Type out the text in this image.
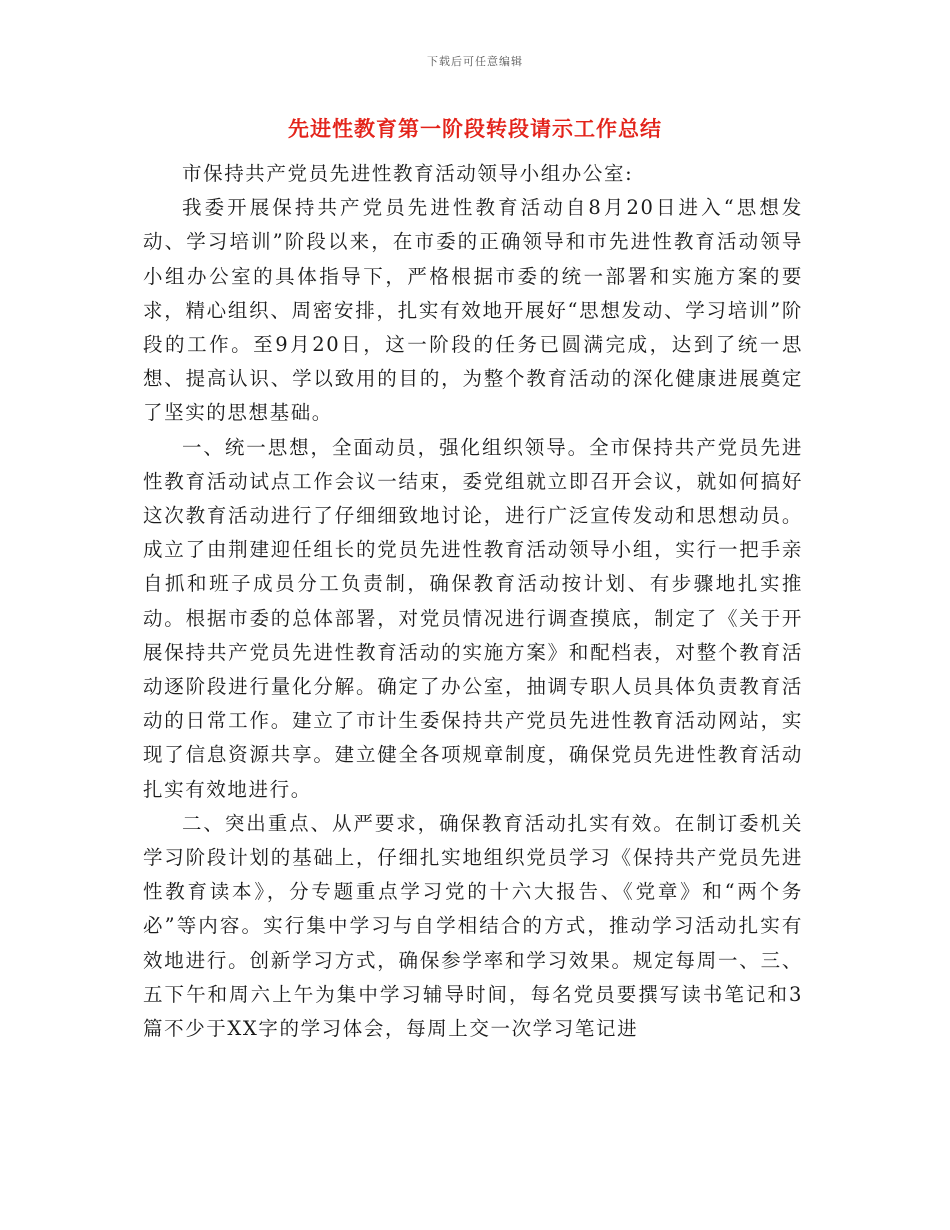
下载后可任意编辑
先进性教育第一阶段转段请示工作总结

市保持共产党员先进性教育活动领导小组办公室:

我委开展保持共产党员先进性教育活动自8月20日进入“思想发动、学习培训”阶段以来，在市委的正确领导和市先进性教育活动领导小组办公室的具体指导下，严格根据市委的统一部署和实施方案的要求，精心组织、周密安排，扎实有效地开展好“思想发动、学习培训”阶段的工作。至9月20日，这一阶段的任务已圆满完成，达到了统一思想、提高认识、学以致用的目的，为整个教育活动的深化健康进展奠定了坚实的思想基础。

一、统一思想，全面动员，强化组织领导。全市保持共产党员先进性教育活动试点工作会议一结束，委党组就立即召开会议，就如何搞好这次教育活动进行了仔细细致地讨论，进行广泛宣传发动和思想动员。成立了由荆建迎任组长的党员先进性教育活动领导小组，实行一把手亲自抓和班子成员分工负责制，确保教育活动按计划、有步骤地扎实推动。根据市委的总体部署，对党员情况进行调查摸底，制定了《关于开展保持共产党员先进性教育活动的实施方案》和配档表，对整个教育活动逐阶段进行量化分解。确定了办公室，抽调专职人员具体负责教育活动的日常工作。建立了市计生委保持共产党员先进性教育活动网站，实现了信息资源共享。建立健全各项规章制度，确保党员先进性教育活动扎实有效地进行。

二、突出重点、从严要求，确保教育活动扎实有效。在制订委机关学习阶段计划的基础上，仔细扎实地组织党员学习《保持共产党员先进性教育读本》，分专题重点学习党的十六大报告、《党章》和“两个务必”等内容。实行集中学习与自学相结合的方式，推动学习活动扎实有效地进行。创新学习方式，确保参学率和学习效果。规定每周一、三、五下午和周六上午为集中学习辅导时间，每名党员要撰写读书笔记和3篇不少于XX字的学习体会，每周上交一次学习笔记进
